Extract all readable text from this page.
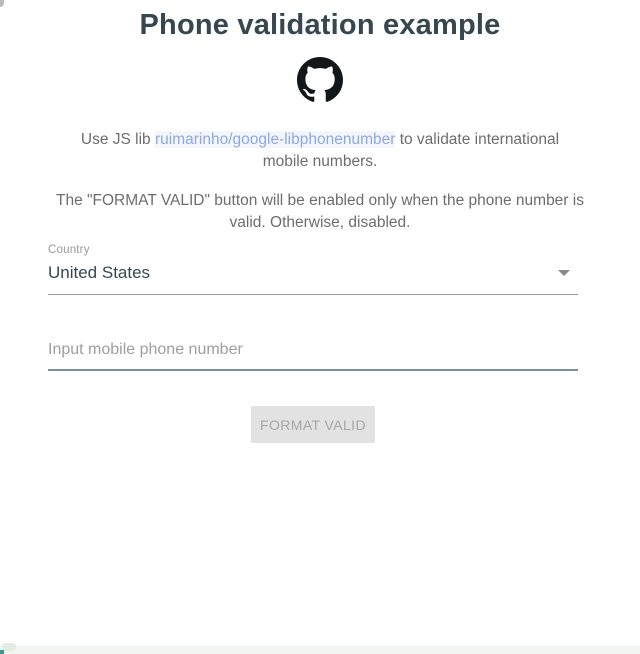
Phone validation example

Use JS lib ruimarinho/google-libphonenumber to validate international mobile numbers.

The "FORMAT VALID" button will be enabled only when the phone number is valid. Otherwise, disabled.

Country
United States
Input mobile phone number
FORMAT VALID
